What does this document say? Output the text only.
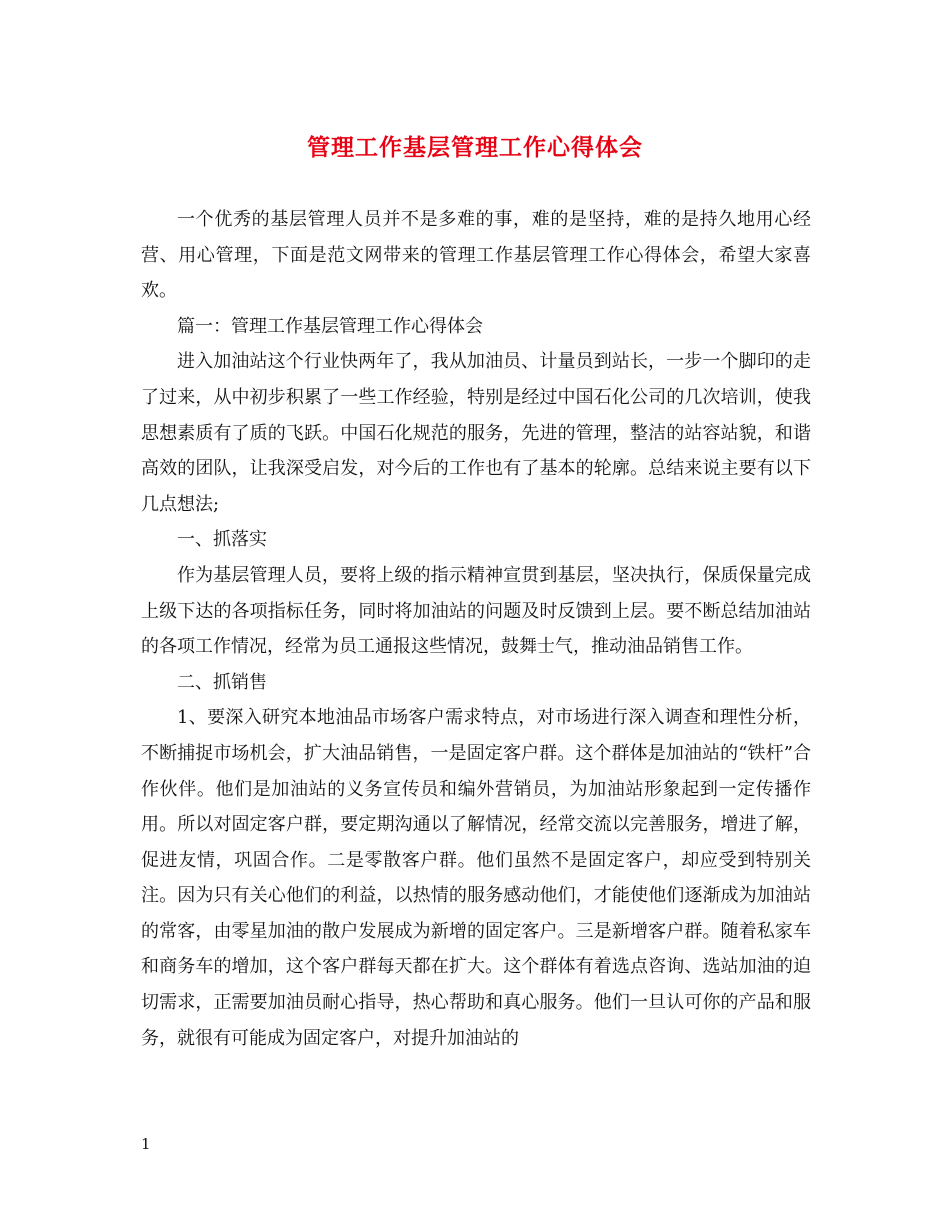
管理工作基层管理工作心得体会

一个优秀的基层管理人员并不是多难的事，难的是坚持，难的是持久地用心经营、用心管理，下面是范文网带来的管理工作基层管理工作心得体会，希望大家喜欢。

篇一：管理工作基层管理工作心得体会

进入加油站这个行业快两年了，我从加油员、计量员到站长，一步一个脚印的走了过来，从中初步积累了一些工作经验，特别是经过中国石化公司的几次培训，使我思想素质有了质的飞跃。中国石化规范的服务，先进的管理，整洁的站容站貌，和谐高效的团队，让我深受启发，对今后的工作也有了基本的轮廓。总结来说主要有以下几点想法;

一、抓落实

作为基层管理人员，要将上级的指示精神宣贯到基层，坚决执行，保质保量完成上级下达的各项指标任务，同时将加油站的问题及时反馈到上层。要不断总结加油站的各项工作情况，经常为员工通报这些情况，鼓舞士气，推动油品销售工作。

二、抓销售

1、要深入研究本地油品市场客户需求特点，对市场进行深入调查和理性分析，不断捕捉市场机会，扩大油品销售，一是固定客户群。这个群体是加油站的“铁杆”合作伙伴。他们是加油站的义务宣传员和编外营销员，为加油站形象起到一定传播作用。所以对固定客户群，要定期沟通以了解情况，经常交流以完善服务，增进了解，促进友情，巩固合作。二是零散客户群。他们虽然不是固定客户，却应受到特别关注。因为只有关心他们的利益，以热情的服务感动他们，才能使他们逐渐成为加油站的常客，由零星加油的散户发展成为新增的固定客户。三是新增客户群。随着私家车和商务车的增加，这个客户群每天都在扩大。这个群体有着选点咨询、选站加油的迫切需求，正需要加油员耐心指导，热心帮助和真心服务。他们一旦认可你的产品和服务，就很有可能成为固定客户，对提升加油站的

1
